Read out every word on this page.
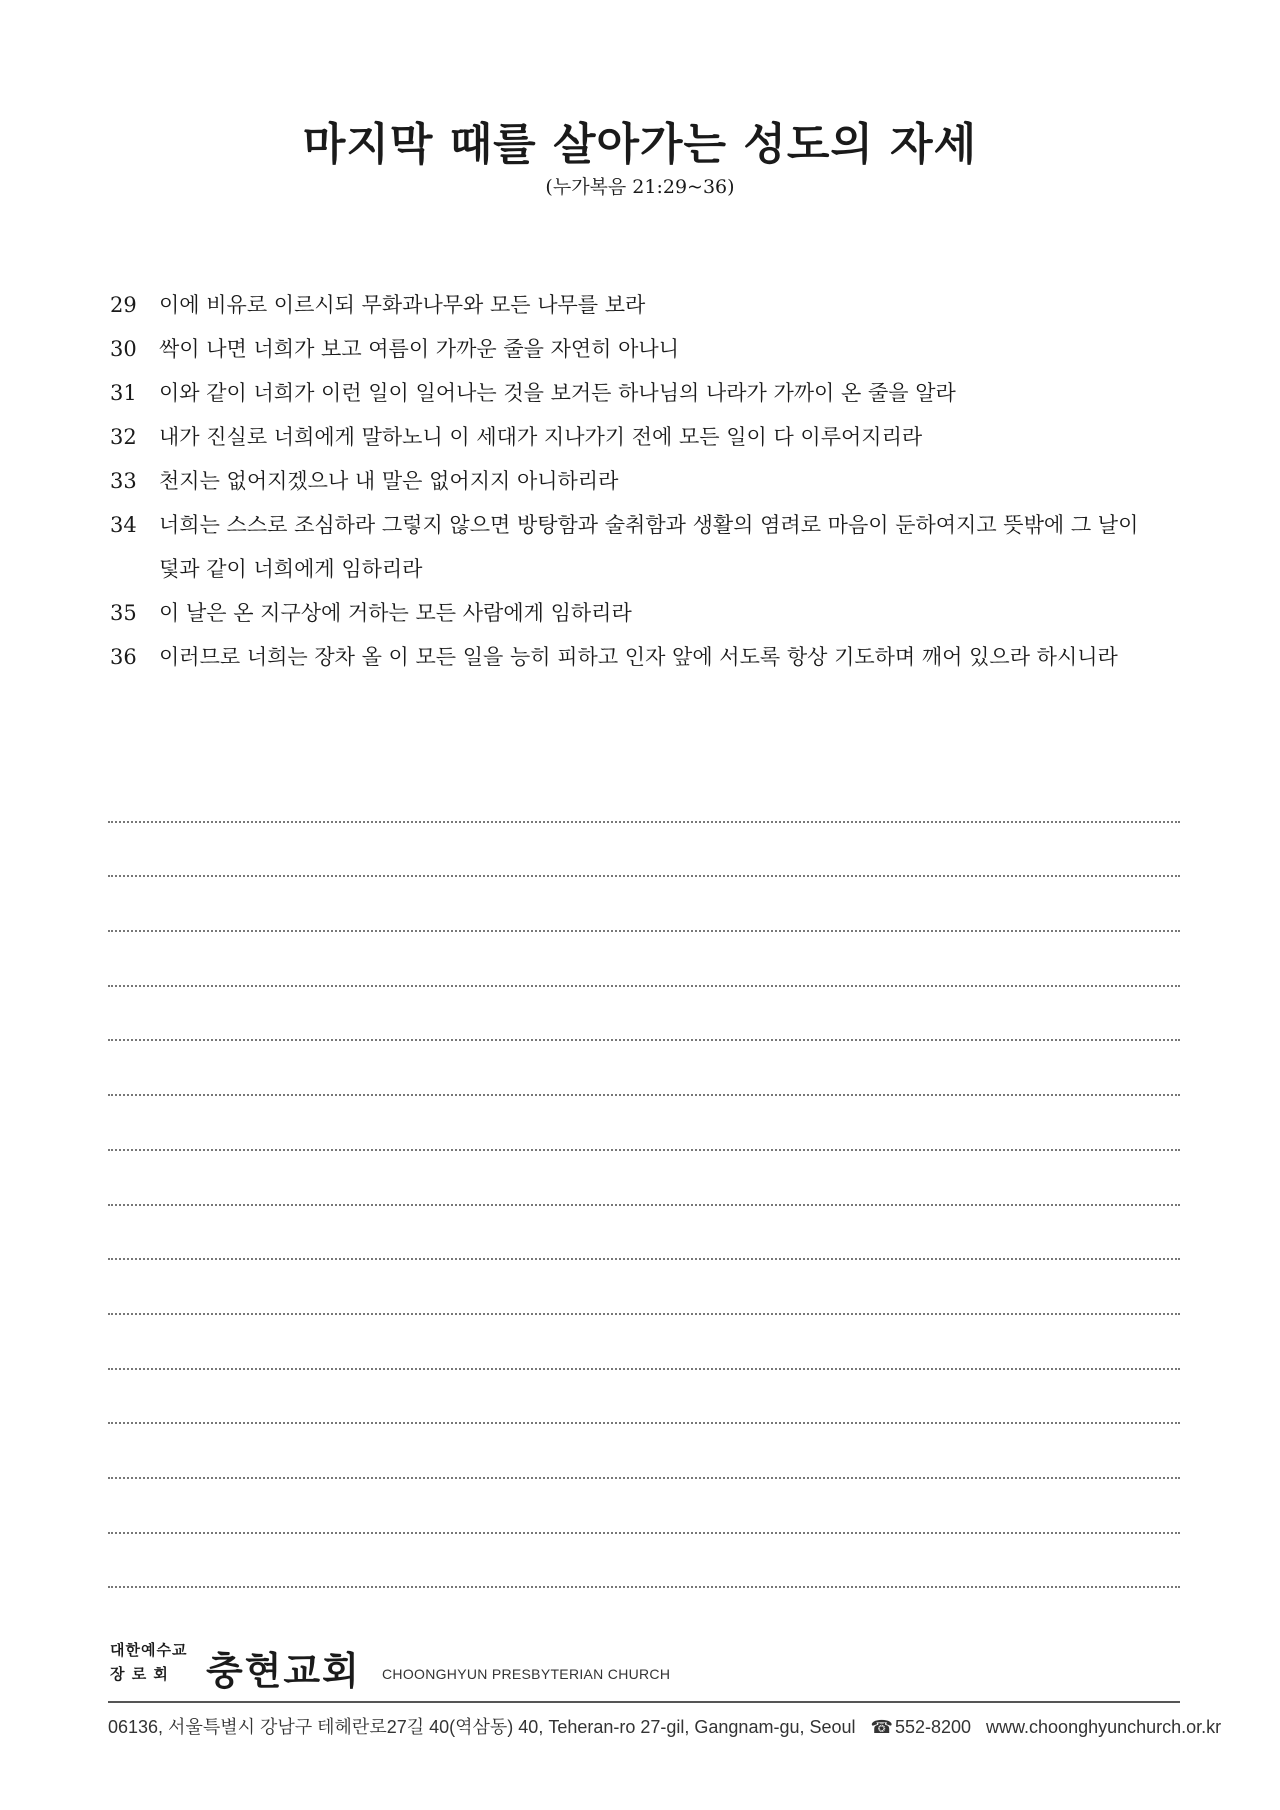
마지막 때를 살아가는 성도의 자세
(누가복음 21:29~36)
29 이에 비유로 이르시되 무화과나무와 모든 나무를 보라
30 싹이 나면 너희가 보고 여름이 가까운 줄을 자연히 아나니
31 이와 같이 너희가 이런 일이 일어나는 것을 보거든 하나님의 나라가 가까이 온 줄을 알라
32 내가 진실로 너희에게 말하노니 이 세대가 지나가기 전에 모든 일이 다 이루어지리라
33 천지는 없어지겠으나 내 말은 없어지지 아니하리라
34 너희는 스스로 조심하라 그렇지 않으면 방탕함과 술취함과 생활의 염려로 마음이 둔하여지고 뜻밖에 그 날이
덫과 같이 너희에게 임하리라
35 이 날은 온 지구상에 거하는 모든 사람에게 임하리라
36 이러므로 너희는 장차 올 이 모든 일을 능히 피하고 인자 앞에 서도록 항상 기도하며 깨어 있으라 하시니라
대한예수교
장 로 회 충현교회 CHOONGHYUN PRESBYTERIAN CHURCH
06136, 서울특별시 강남구 테헤란로27길 40(역삼동) 40, Teheran-ro 27-gil, Gangnam-gu, Seoul ☎ 552-8200 www.choonghyunchurch.or.kr
